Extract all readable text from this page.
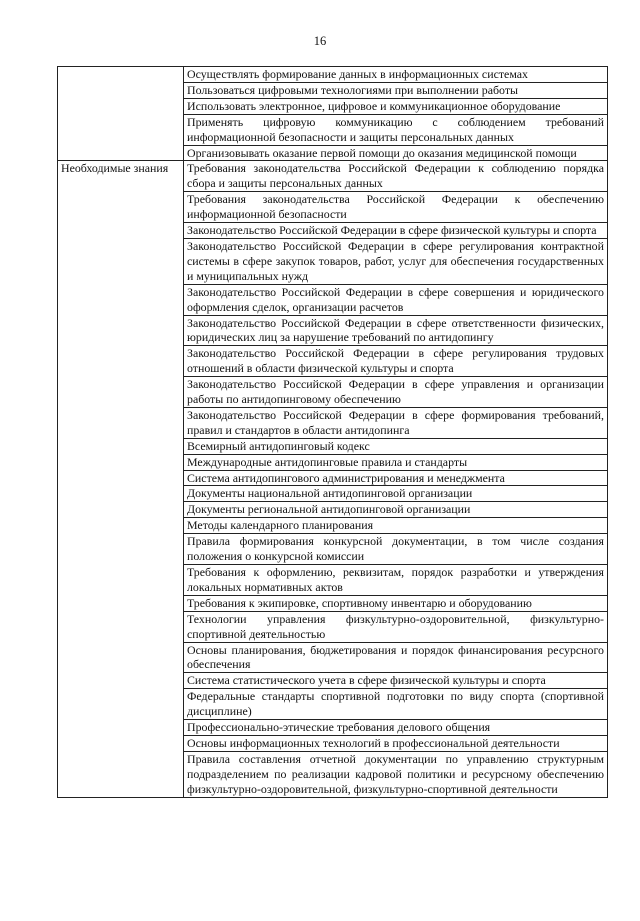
16
	Осуществлять формирование данных в информационных системах
	Пользоваться цифровыми технологиями при выполнении работы
	Использовать электронное, цифровое и коммуникационное оборудование
	Применять цифровую коммуникацию с соблюдением требований информационной безопасности и защиты персональных данных
	Организовывать оказание первой помощи до оказания медицинской помощи

Необходимые знания	Требования законодательства Российской Федерации к соблюдению порядка сбора и защиты персональных данных
	Требования законодательства Российской Федерации к обеспечению информационной безопасности
	Законодательство Российской Федерации в сфере физической культуры и спорта
	Законодательство Российской Федерации в сфере регулирования контрактной системы в сфере закупок товаров, работ, услуг для обеспечения государственных и муниципальных нужд
	Законодательство Российской Федерации в сфере совершения и юридического оформления сделок, организации расчетов
	Законодательство Российской Федерации в сфере ответственности физических, юридических лиц за нарушение требований по антидопингу
	Законодательство Российской Федерации в сфере регулирования трудовых отношений в области физической культуры и спорта
	Законодательство Российской Федерации в сфере управления и организации работы по антидопинговому обеспечению
	Законодательство Российской Федерации в сфере формирования требований, правил и стандартов в области антидопинга
	Всемирный антидопинговый кодекс
	Международные антидопинговые правила и стандарты
	Система антидопингового администрирования и менеджмента
	Документы национальной антидопинговой организации
	Документы региональной антидопинговой организации
	Методы календарного планирования
	Правила формирования конкурсной документации, в том числе создания положения о конкурсной комиссии
	Требования к оформлению, реквизитам, порядок разработки и утверждения локальных нормативных актов
	Требования к экипировке, спортивному инвентарю и оборудованию
	Технологии управления физкультурно-оздоровительной, физкультурно-спортивной деятельностью
	Основы планирования, бюджетирования и порядок финансирования ресурсного обеспечения
	Система статистического учета в сфере физической культуры и спорта
	Федеральные стандарты спортивной подготовки по виду спорта (спортивной дисциплине)
	Профессионально-этические требования делового общения
	Основы информационных технологий в профессиональной деятельности
	Правила составления отчетной документации по управлению структурным подразделением по реализации кадровой политики и ресурсному обеспечению физкультурно-оздоровительной, физкультурно-спортивной деятельности
